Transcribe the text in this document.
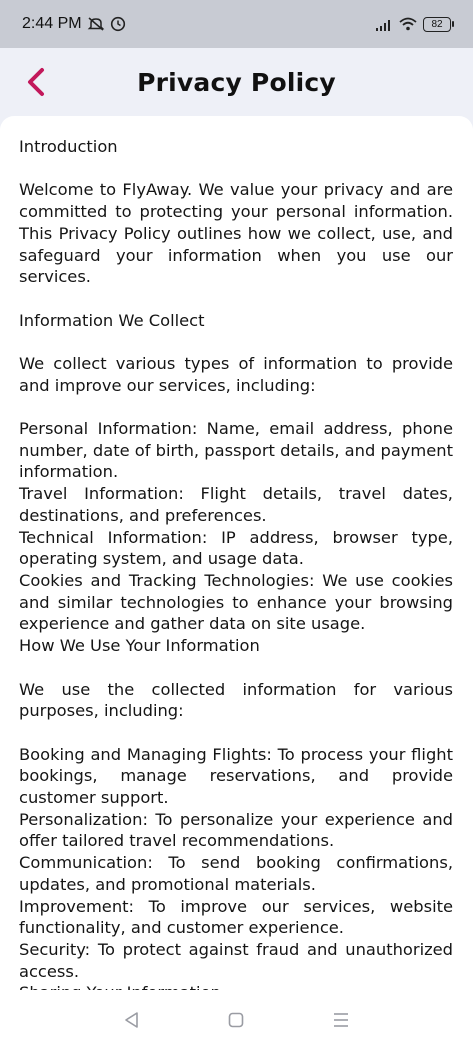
2:44 PM	82
Privacy Policy

Introduction

Welcome to FlyAway. We value your privacy and are committed to protecting your personal information. This Privacy Policy outlines how we collect, use, and safeguard your information when you use our services.

Information We Collect

We collect various types of information to provide and improve our services, including:

Personal Information: Name, email address, phone number, date of birth, passport details, and payment information.

Travel Information: Flight details, travel dates, destinations, and preferences.

Technical Information: IP address, browser type, operating system, and usage data.

Cookies and Tracking Technologies: We use cookies and similar technologies to enhance your browsing experience and gather data on site usage.

How We Use Your Information

We use the collected information for various purposes, including:

Booking and Managing Flights: To process your flight bookings, manage reservations, and provide customer support.

Personalization: To personalize your experience and offer tailored travel recommendations.

Communication: To send booking confirmations, updates, and promotional materials.

Improvement: To improve our services, website functionality, and customer experience.

Security: To protect against fraud and unauthorized access.
